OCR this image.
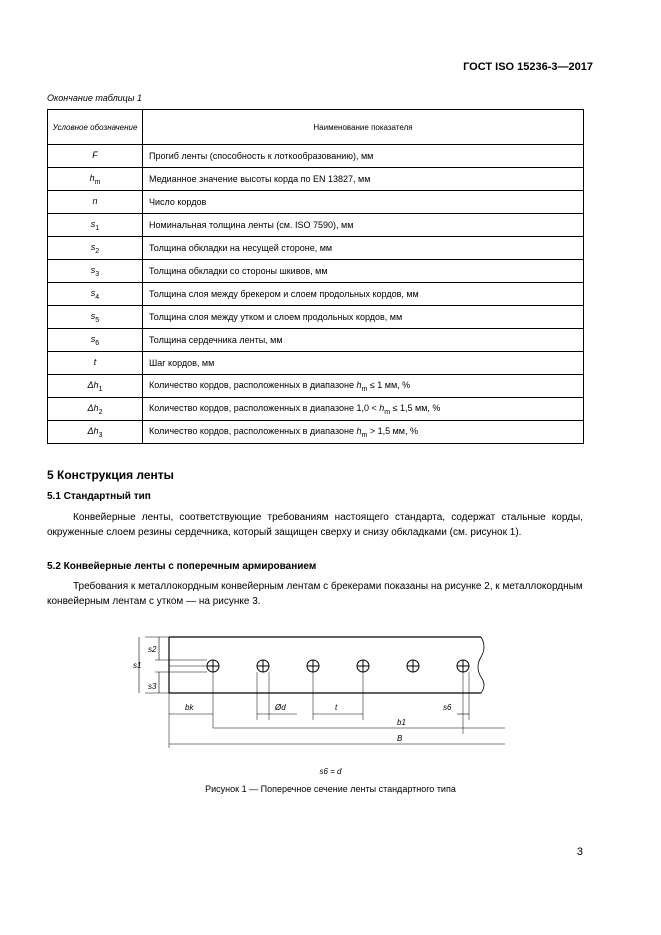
ГОСТ ISO 15236-3—2017
Окончание таблицы 1
Условное обозначение	Наименование показателя
F	Прогиб ленты (способность к лоткообразованию), мм
$h_m$	Медианное значение высоты корда по EN 13827, мм
n	Число кордов
$s_1$	Номинальная толщина ленты (см. ISO 7590), мм
$s_2$	Толщина обкладки на несущей стороне, мм
$s_3$	Толщина обкладки со стороны шкивов, мм
$s_4$	Толщина слоя между брекером и слоем продольных кордов, мм
$s_5$	Толщина слоя между утком и слоем продольных кордов, мм
$s_6$	Толщина сердечника ленты, мм
t	Шаг кордов, мм
$\Delta h_1$	Количество кордов, расположенных в диапазоне $h_m \le 1$ мм, %
$\Delta h_2$	Количество кордов, расположенных в диапазоне $1,0 < h_m \le 1,5$ мм, %
$\Delta h_3$	Количество кордов, расположенных в диапазоне $h_m > 1,5$ мм, %
5 Конструкция ленты
5.1 Стандартный тип

Конвейерные ленты, соответствующие требованиям настоящего стандарта, содержат стальные корды, окруженные слоем резины сердечника, который защищен сверху и снизу обкладками (см. рисунок 1).

5.2 Конвейерные ленты с поперечным армированием

Требования к металлокордным конвейерным лентам с брекерами показаны на рисунке 2, к металлокордным конвейерным лентам с утком — на рисунке 3.

s1
s2
s3
bk	Ød	t	s6
b1
B
s6 = d
Рисунок 1 — Поперечное сечение ленты стандартного типа
3
